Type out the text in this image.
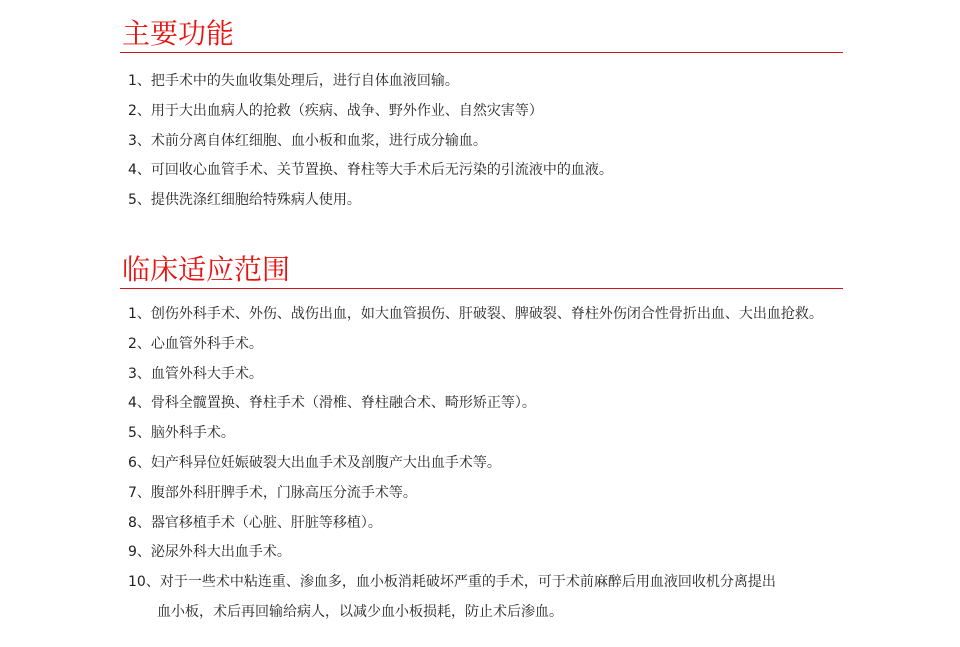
主要功能
1、把手术中的失血收集处理后，进行自体血液回输。
2、用于大出血病人的抢救（疾病、战争、野外作业、自然灾害等）
3、术前分离自体红细胞、血小板和血浆，进行成分输血。
4、可回收心血管手术、关节置换、脊柱等大手术后无污染的引流液中的血液。
5、提供洗涤红细胞给特殊病人使用。
临床适应范围
1、创伤外科手术、外伤、战伤出血，如大血管损伤、肝破裂、脾破裂、脊柱外伤闭合性骨折出血、大出血抢救。
2、心血管外科手术。
3、血管外科大手术。
4、骨科全髋置换、脊柱手术（滑椎、脊柱融合术、畸形矫正等）。
5、脑外科手术。
6、妇产科异位妊娠破裂大出血手术及剖腹产大出血手术等。
7、腹部外科肝脾手术，门脉高压分流手术等。
8、器官移植手术（心脏、肝脏等移植）。
9、泌尿外科大出血手术。
10、对于一些术中粘连重、渗血多，血小板消耗破坏严重的手术，可于术前麻醉后用血液回收机分离提出
血小板，术后再回输给病人，以减少血小板损耗，防止术后渗血。
